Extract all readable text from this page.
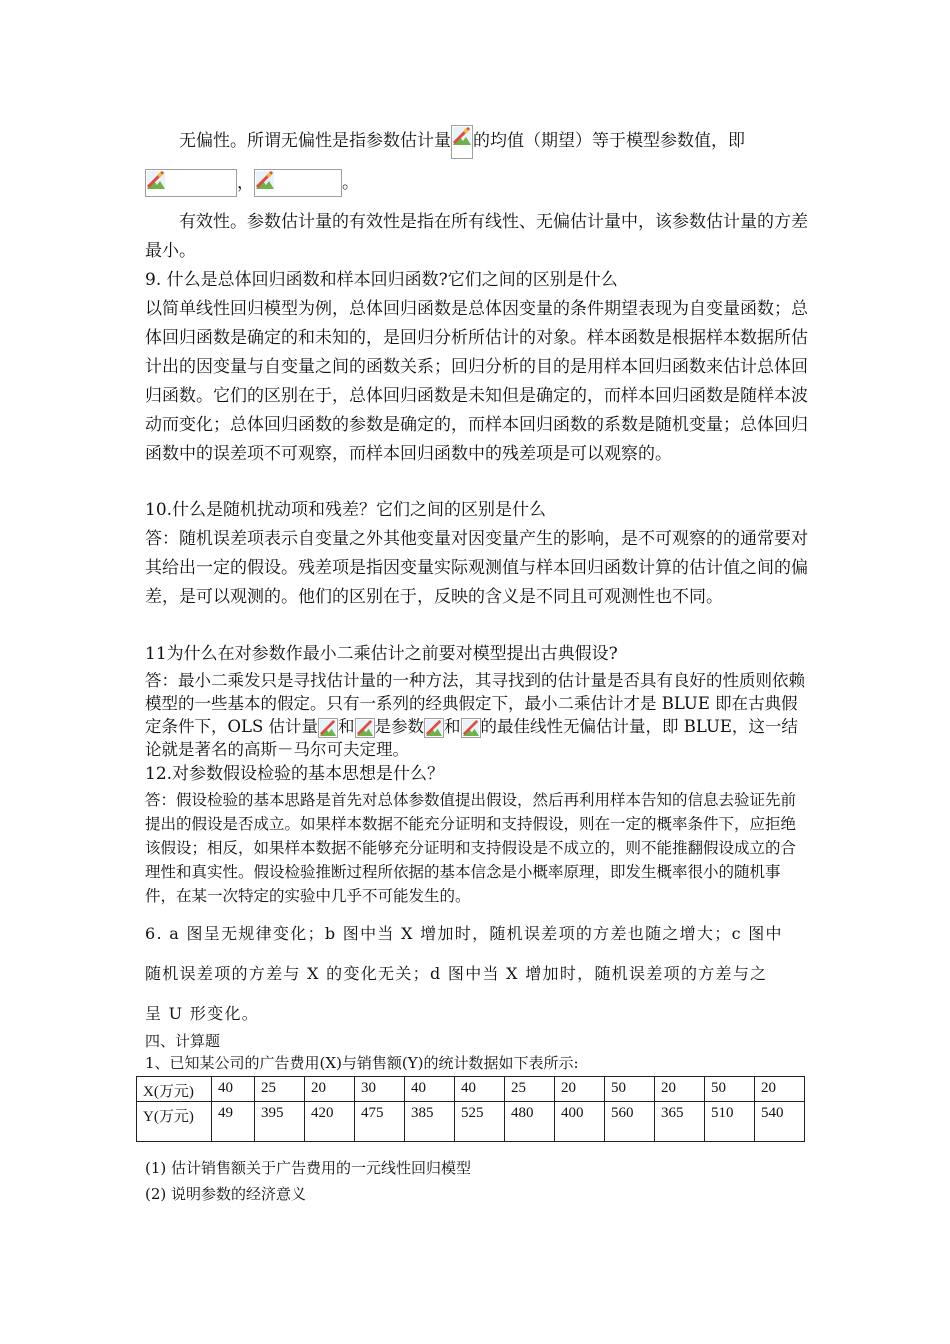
无偏性。所谓无偏性是指参数估计量 的均值（期望）等于模型参数值，即

，	。

有效性。参数估计量的有效性是指在所有线性、无偏估计量中，该参数估计量的方差最小。

9. 什么是总体回归函数和样本回归函数?它们之间的区别是什么

以简单线性回归模型为例，总体回归函数是总体因变量的条件期望表现为自变量函数；总体回归函数是确定的和未知的，是回归分析所估计的对象。样本函数是根据样本数据所估计出的因变量与自变量之间的函数关系；回归分析的目的是用样本回归函数来估计总体回归函数。它们的区别在于，总体回归函数是未知但是确定的，而样本回归函数是随样本波动而变化；总体回归函数的参数是确定的，而样本回归函数的系数是随机变量；总体回归函数中的误差项不可观察，而样本回归函数中的残差项是可以观察的。

10.什么是随机扰动项和残差？它们之间的区别是什么

答：随机误差项表示自变量之外其他变量对因变量产生的影响，是不可观察的的通常要对其给出一定的假设。残差项是指因变量实际观测值与样本回归函数计算的估计值之间的偏差，是可以观测的。他们的区别在于，反映的含义是不同且可观测性也不同。

11为什么在对参数作最小二乘估计之前要对模型提出古典假设?

答：最小二乘发只是寻找估计量的一种方法，其寻找到的估计量是否具有良好的性质则依赖模型的一些基本的假定。只有一系列的经典假定下，最小二乘估计才是 BLUE 即在古典假定条件下，OLS 估计量 和 是参数 和 的最佳线性无偏估计量，即 BLUE，这一结论就是著名的高斯－马尔可夫定理。

12.对参数假设检验的基本思想是什么？

答：假设检验的基本思路是首先对总体参数值提出假设，然后再利用样本告知的信息去验证先前提出的假设是否成立。如果样本数据不能充分证明和支持假设，则在一定的概率条件下，应拒绝该假设；相反，如果样本数据不能够充分证明和支持假设是不成立的，则不能推翻假设成立的合理性和真实性。假设检验推断过程所依据的基本信念是小概率原理，即发生概率很小的随机事件，在某一次特定的实验中几乎不可能发生的。

6. a 图呈无规律变化；b 图中当 X 增加时，随机误差项的方差也随之增大；c 图中

随机误差项的方差与 X 的变化无关；d 图中当 X 增加时，随机误差项的方差与之

呈 U 形变化。

四、计算题

1、已知某公司的广告费用(X)与销售额(Y)的统计数据如下表所示:

X(万元)	40	25	20	30	40	40	25	20	50	20	50	20
Y(万元)	49	395	420	475	385	525	480	400	560	365	510	540

(1) 估计销售额关于广告费用的一元线性回归模型

(2) 说明参数的经济意义
